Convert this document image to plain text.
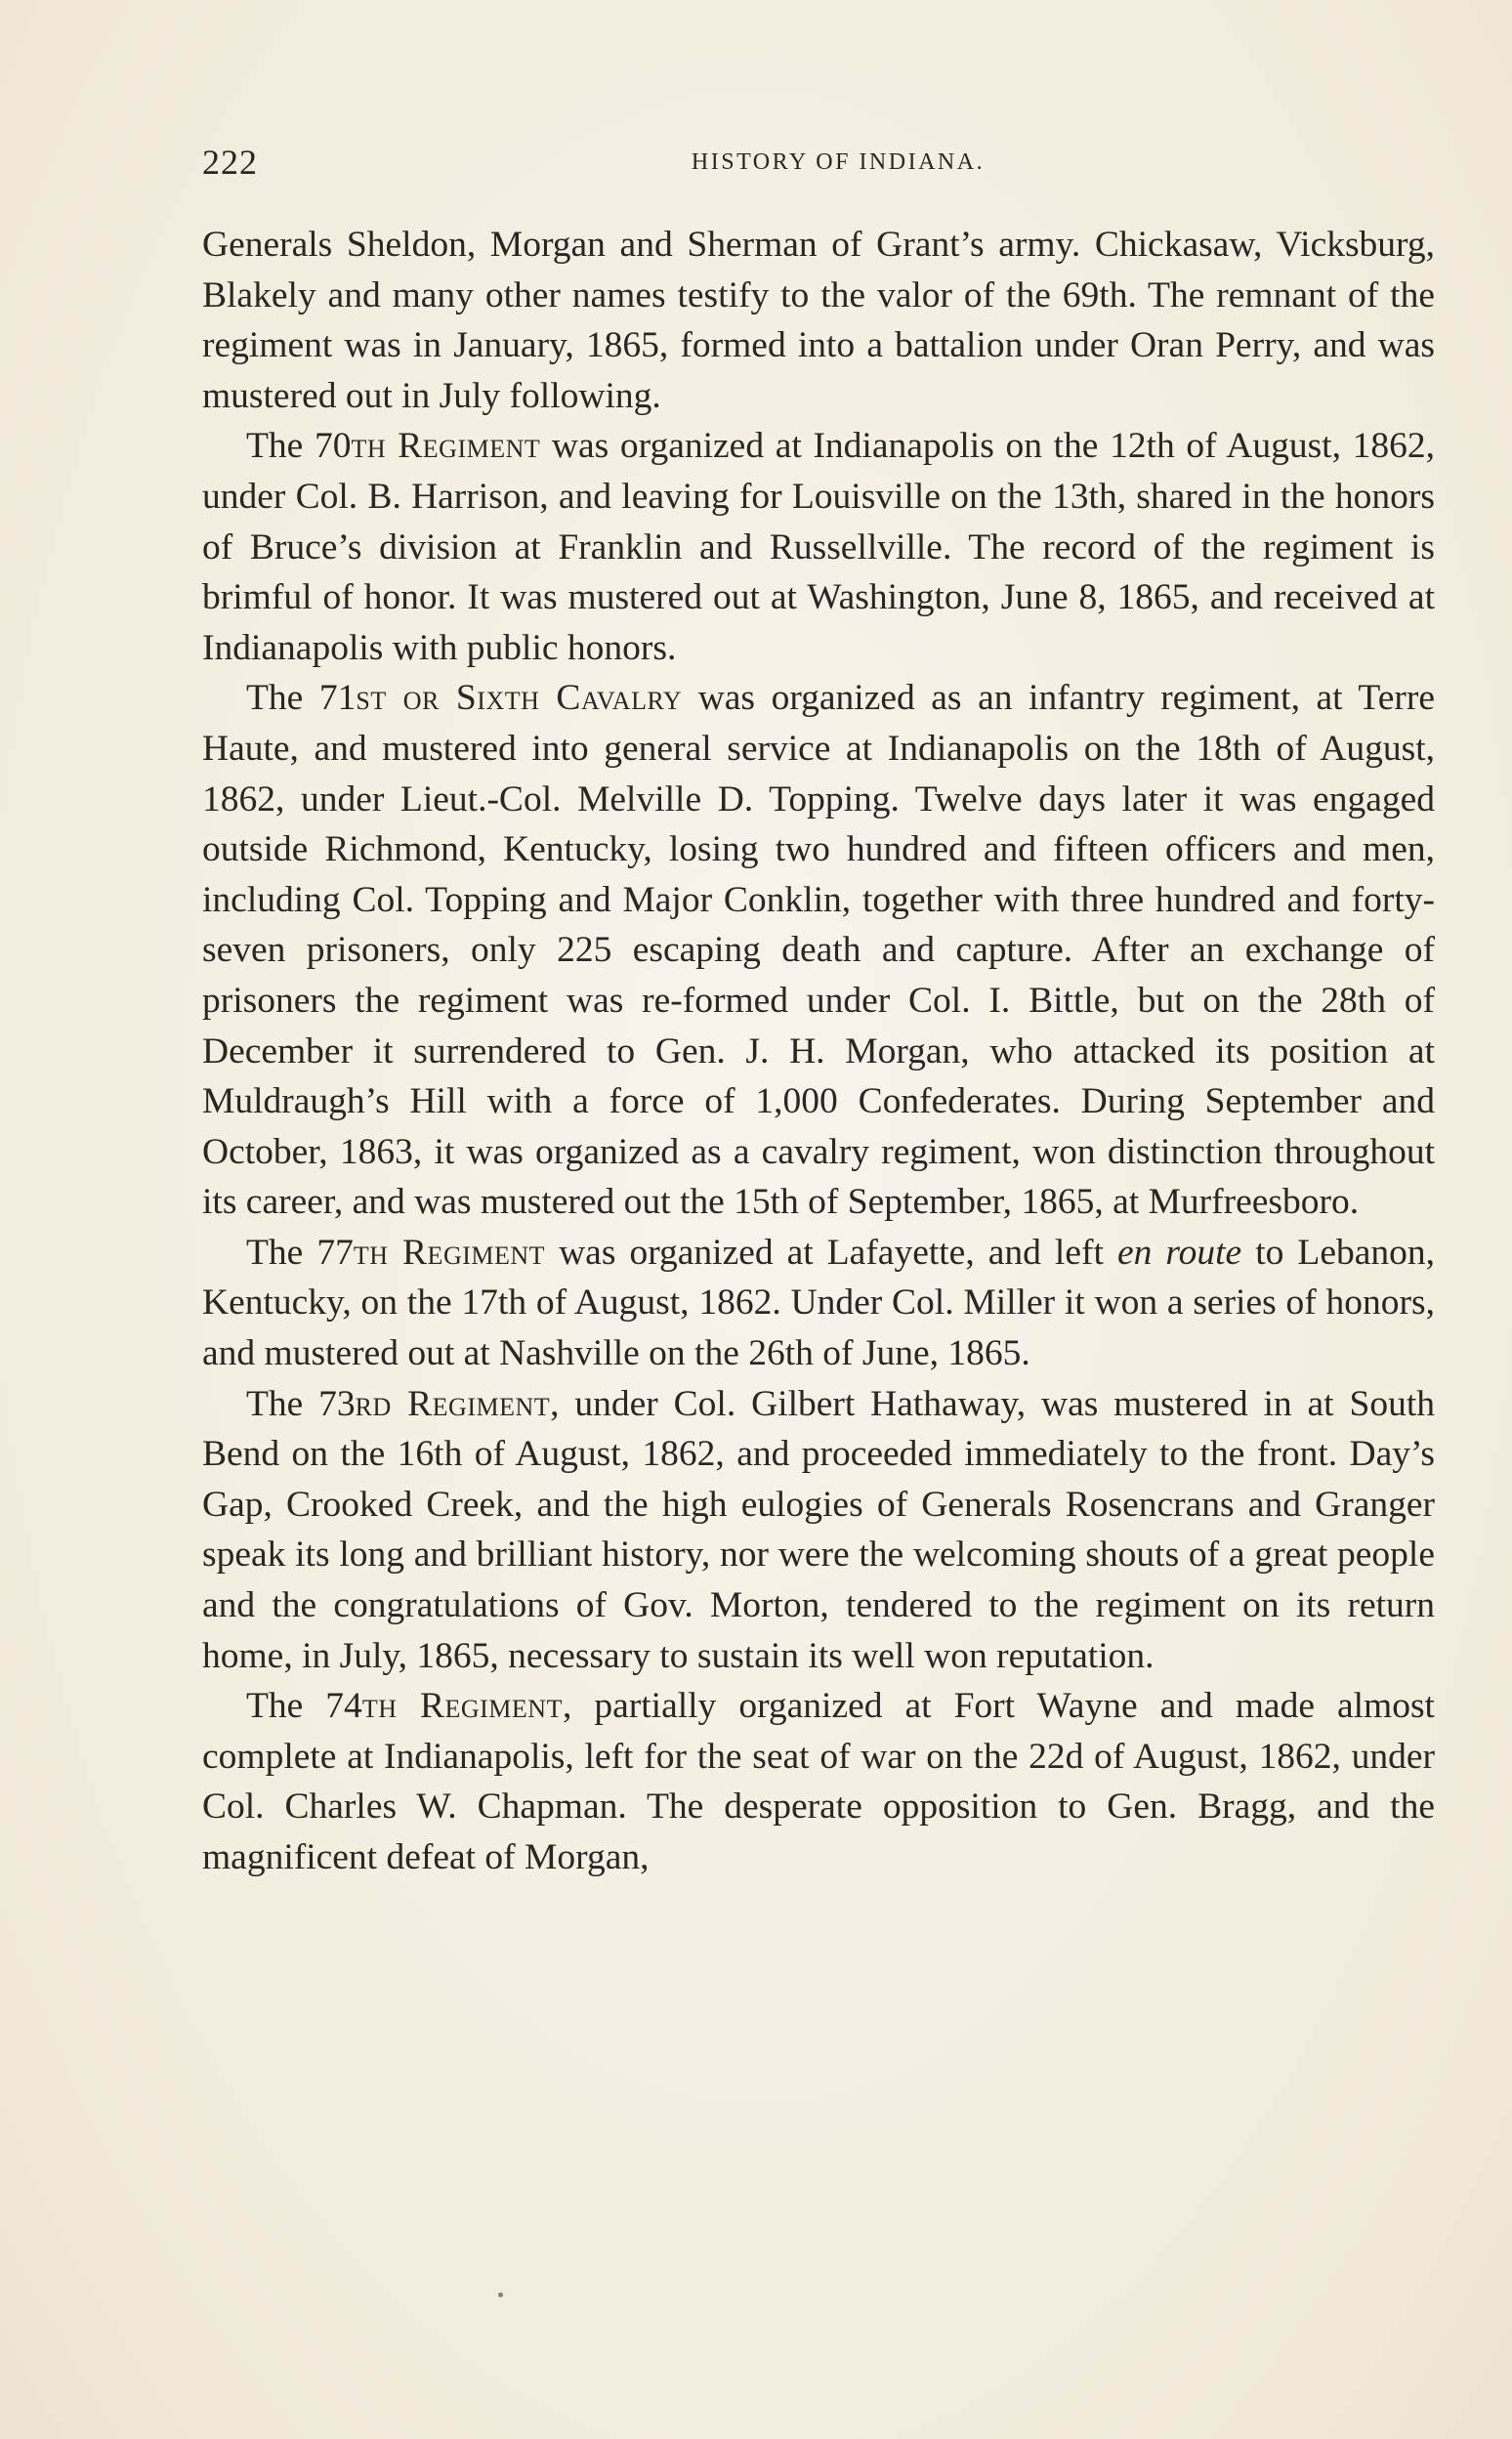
222	HISTORY OF INDIANA.

Generals Sheldon, Morgan and Sherman of Grant’s army. Chickasaw, Vicksburg, Blakely and many other names testify to the valor of the 69th. The remnant of the regiment was in January, 1865, formed into a battalion under Oran Perry, and was mustered out in July following.

The 70th Regiment was organized at Indianapolis on the 12th of August, 1862, under Col. B. Harrison, and leaving for Louisville on the 13th, shared in the honors of Bruce’s division at Franklin and Russellville. The record of the regiment is brimful of honor. It was mustered out at Washington, June 8, 1865, and received at Indianapolis with public honors.

The 71st or Sixth Cavalry was organized as an infantry regiment, at Terre Haute, and mustered into general service at Indianapolis on the 18th of August, 1862, under Lieut.-Col. Melville D. Topping. Twelve days later it was engaged outside Richmond, Kentucky, losing two hundred and fifteen officers and men, including Col. Topping and Major Conklin, together with three hundred and forty-seven prisoners, only 225 escaping death and capture. After an exchange of prisoners the regiment was re-formed under Col. I. Bittle, but on the 28th of December it surrendered to Gen. J. H. Morgan, who attacked its position at Muldraugh’s Hill with a force of 1,000 Confederates. During September and October, 1863, it was organized as a cavalry regiment, won distinction throughout its career, and was mustered out the 15th of September, 1865, at Murfreesboro.

The 77th Regiment was organized at Lafayette, and left en route to Lebanon, Kentucky, on the 17th of August, 1862. Under Col. Miller it won a series of honors, and mustered out at Nashville on the 26th of June, 1865.

The 73rd Regiment, under Col. Gilbert Hathaway, was mustered in at South Bend on the 16th of August, 1862, and proceeded immediately to the front. Day’s Gap, Crooked Creek, and the high eulogies of Generals Rosencrans and Granger speak its long and brilliant history, nor were the welcoming shouts of a great people and the congratulations of Gov. Morton, tendered to the regiment on its return home, in July, 1865, necessary to sustain its well won reputation.

The 74th Regiment, partially organized at Fort Wayne and made almost complete at Indianapolis, left for the seat of war on the 22d of August, 1862, under Col. Charles W. Chapman. The desperate opposition to Gen. Bragg, and the magnificent defeat of Morgan,
